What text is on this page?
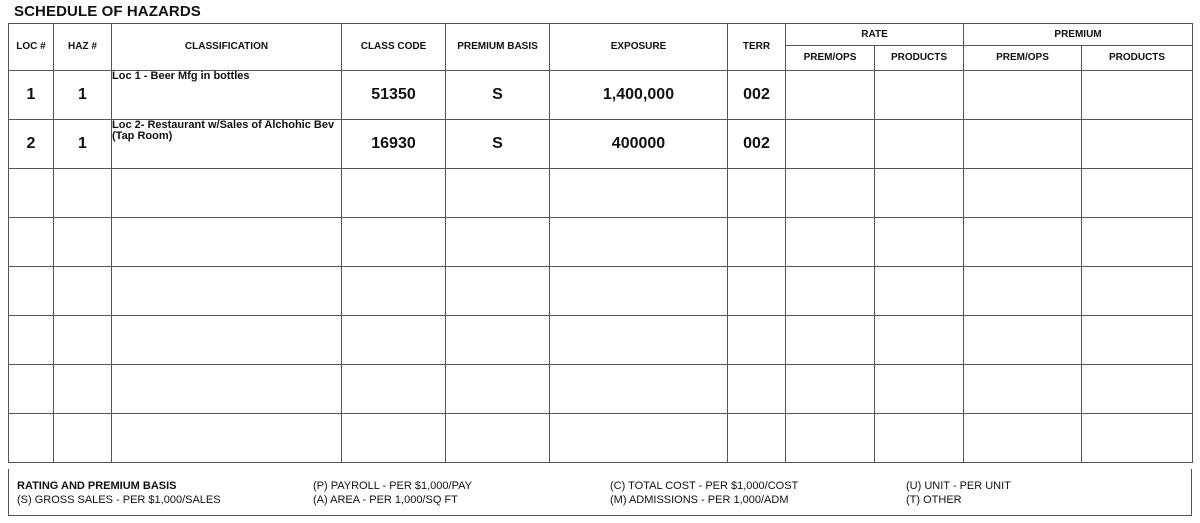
SCHEDULE OF HAZARDS
LOC #	HAZ #	CLASSIFICATION	CLASS CODE	PREMIUM BASIS	EXPOSURE	TERR	RATE		PREMIUM	
							PREM/OPS	PRODUCTS	PREM/OPS	PRODUCTS
1	1	Loc 1 - Beer Mfg in bottles	51350	S	1,400,000	002				
2	1	Loc 2- Restaurant w/Sales of Alchohic Bev (Tap Room)	16930	S	400000	002				

RATING AND PREMIUM BASIS
(S) GROSS SALES - PER $1,000/SALES
(P) PAYROLL - PER $1,000/PAY
(A) AREA - PER 1,000/SQ FT
(C) TOTAL COST - PER $1,000/COST
(M) ADMISSIONS - PER 1,000/ADM
(U) UNIT - PER UNIT
(T) OTHER
